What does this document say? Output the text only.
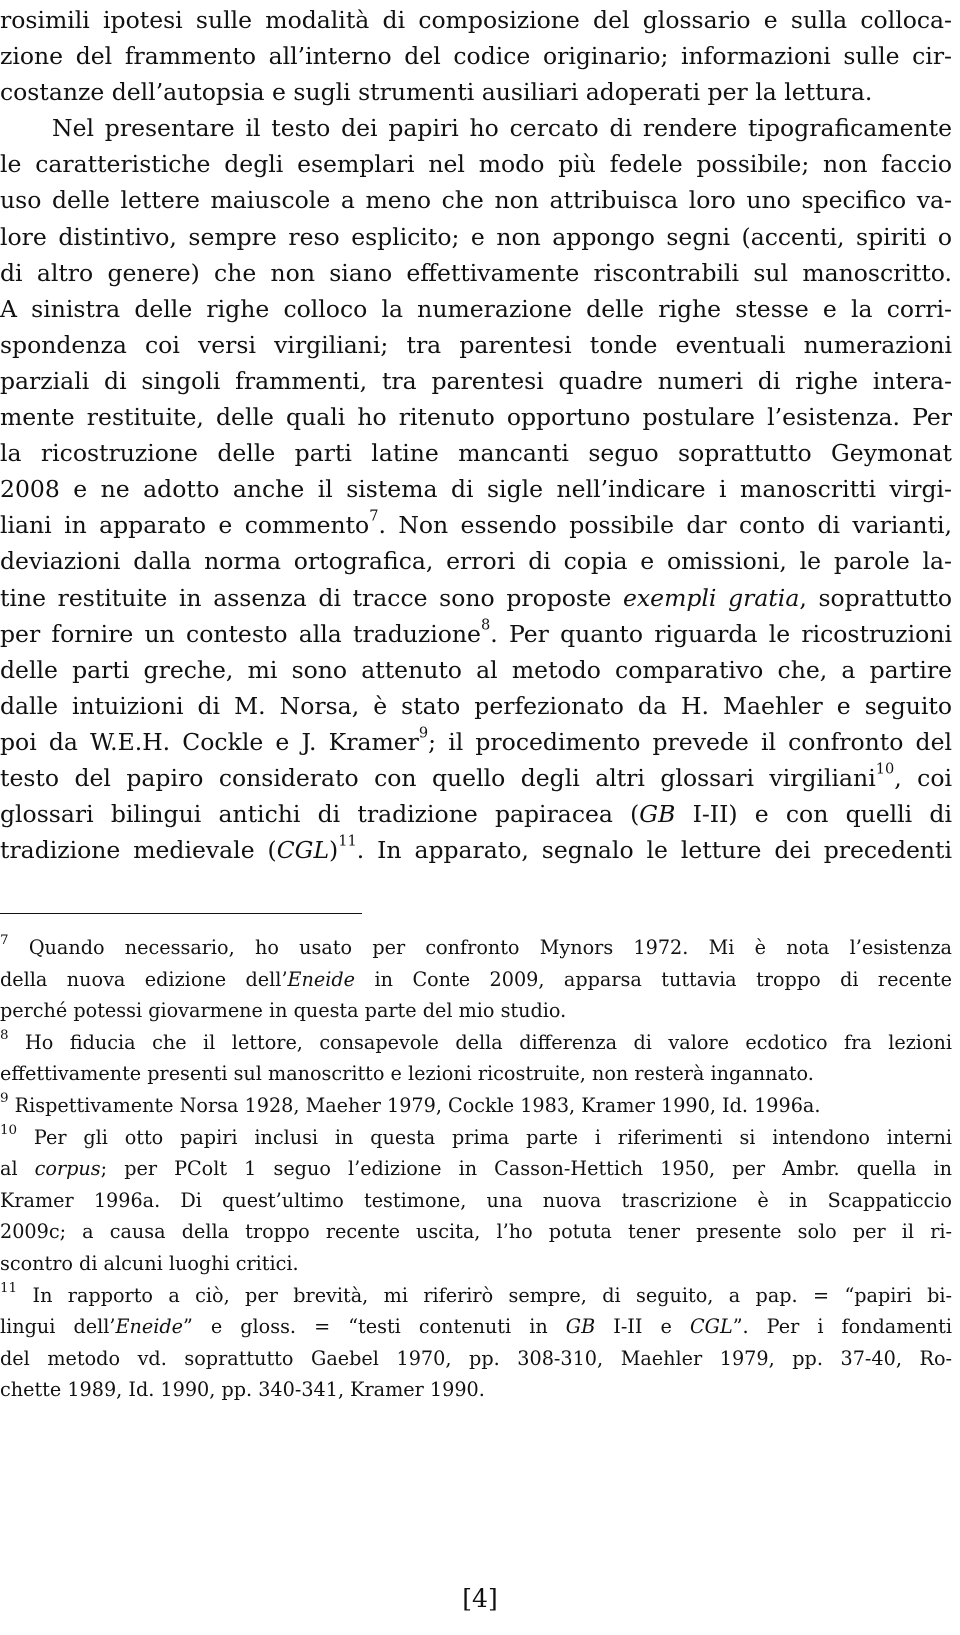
rosimili ipotesi sulle modalità di composizione del glossario e sulla colloca-
zione del frammento all’interno del codice originario; informazioni sulle cir-
costanze dell’autopsia e sugli strumenti ausiliari adoperati per la lettura.
Nel presentare il testo dei papiri ho cercato di rendere tipograficamente
le caratteristiche degli esemplari nel modo più fedele possibile; non faccio
uso delle lettere maiuscole a meno che non attribuisca loro uno specifico va-
lore distintivo, sempre reso esplicito; e non appongo segni (accenti, spiriti o
di altro genere) che non siano effettivamente riscontrabili sul manoscritto.
A sinistra delle righe colloco la numerazione delle righe stesse e la corri-
spondenza coi versi virgiliani; tra parentesi tonde eventuali numerazioni
parziali di singoli frammenti, tra parentesi quadre numeri di righe intera-
mente restituite, delle quali ho ritenuto opportuno postulare l’esistenza. Per
la ricostruzione delle parti latine mancanti seguo soprattutto Geymonat
2008 e ne adotto anche il sistema di sigle nell’indicare i manoscritti virgi-
liani in apparato e commento$^7$. Non essendo possibile dar conto di varianti,
deviazioni dalla norma ortografica, errori di copia e omissioni, le parole la-
tine restituite in assenza di tracce sono proposte exempli gratia, soprattutto
per fornire un contesto alla traduzione$^8$. Per quanto riguarda le ricostruzioni
delle parti greche, mi sono attenuto al metodo comparativo che, a partire
dalle intuizioni di M. Norsa, è stato perfezionato da H. Maehler e seguito
poi da W.E.H. Cockle e J. Kramer$^9$; il procedimento prevede il confronto del
testo del papiro considerato con quello degli altri glossari virgiliani$^{10}$, coi
glossari bilingui antichi di tradizione papiracea (GB I-II) e con quelli di
tradizione medievale (CGL)$^{11}$. In apparato, segnalo le letture dei precedenti
$^7$ Quando necessario, ho usato per confronto Mynors 1972. Mi è nota l’esistenza
della nuova edizione dell’Eneide in Conte 2009, apparsa tuttavia troppo di recente
perché potessi giovarmene in questa parte del mio studio.
$^8$ Ho fiducia che il lettore, consapevole della differenza di valore ecdotico fra lezioni
effettivamente presenti sul manoscritto e lezioni ricostruite, non resterà ingannato.
$^9$ Rispettivamente Norsa 1928, Maeher 1979, Cockle 1983, Kramer 1990, Id. 1996a.
$^{10}$ Per gli otto papiri inclusi in questa prima parte i riferimenti si intendono interni
al corpus; per PColt 1 seguo l’edizione in Casson-Hettich 1950, per Ambr. quella in
Kramer 1996a. Di quest’ultimo testimone, una nuova trascrizione è in Scappaticcio
2009c; a causa della troppo recente uscita, l’ho potuta tener presente solo per il ri-
scontro di alcuni luoghi critici.
$^{11}$ In rapporto a ciò, per brevità, mi riferirò sempre, di seguito, a pap. = “papiri bi-
lingui dell’Eneide” e gloss. = “testi contenuti in GB I-II e CGL”. Per i fondamenti
del metodo vd. soprattutto Gaebel 1970, pp. 308-310, Maehler 1979, pp. 37-40, Ro-
chette 1989, Id. 1990, pp. 340-341, Kramer 1990.
[4]
